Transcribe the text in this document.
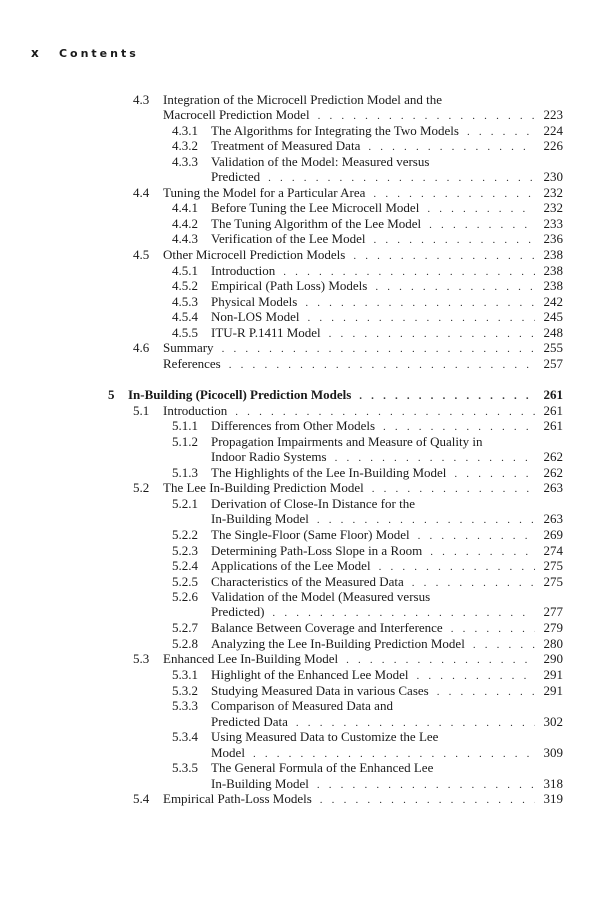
x Contents
4.3	Integration of the Microcell Prediction Model and the
Macrocell Prediction Model . . .	223
4.3.1	The Algorithms for Integrating the Two Models . . .	224
4.3.2	Treatment of Measured Data . . .	226
4.3.3	Validation of the Model: Measured versus
Predicted . . .	230
4.4	Tuning the Model for a Particular Area . . .	232
4.4.1	Before Tuning the Lee Microcell Model . . .	232
4.4.2	The Tuning Algorithm of the Lee Model . . .	233
4.4.3	Verification of the Lee Model . . .	236
4.5	Other Microcell Prediction Models . . .	238
4.5.1	Introduction . . .	238
4.5.2	Empirical (Path Loss) Models . . .	238
4.5.3	Physical Models . . .	242
4.5.4	Non-LOS Model . . .	245
4.5.5	ITU-R P.1411 Model . . .	248
4.6	Summary . . .	255
References . . .	257
5	In-Building (Picocell) Prediction Models . . .	261
5.1	Introduction . . .	261
5.1.1	Differences from Other Models . . .	261
5.1.2	Propagation Impairments and Measure of Quality in
Indoor Radio Systems . . .	262
5.1.3	The Highlights of the Lee In-Building Model . . .	262
5.2	The Lee In-Building Prediction Model . . .	263
5.2.1	Derivation of Close-In Distance for the
In-Building Model . . .	263
5.2.2	The Single-Floor (Same Floor) Model . . .	269
5.2.3	Determining Path-Loss Slope in a Room . . .	274
5.2.4	Applications of the Lee Model . . .	275
5.2.5	Characteristics of the Measured Data . . .	275
5.2.6	Validation of the Model (Measured versus
Predicted) . . .	277
5.2.7	Balance Between Coverage and Interference . . .	279
5.2.8	Analyzing the Lee In-Building Prediction Model . . .	280
5.3	Enhanced Lee In-Building Model . . .	290
5.3.1	Highlight of the Enhanced Lee Model . . .	291
5.3.2	Studying Measured Data in various Cases . . .	291
5.3.3	Comparison of Measured Data and
Predicted Data . . .	302
5.3.4	Using Measured Data to Customize the Lee
Model . . .	309
5.3.5	The General Formula of the Enhanced Lee
In-Building Model . . .	318
5.4	Empirical Path-Loss Models . . .	319
